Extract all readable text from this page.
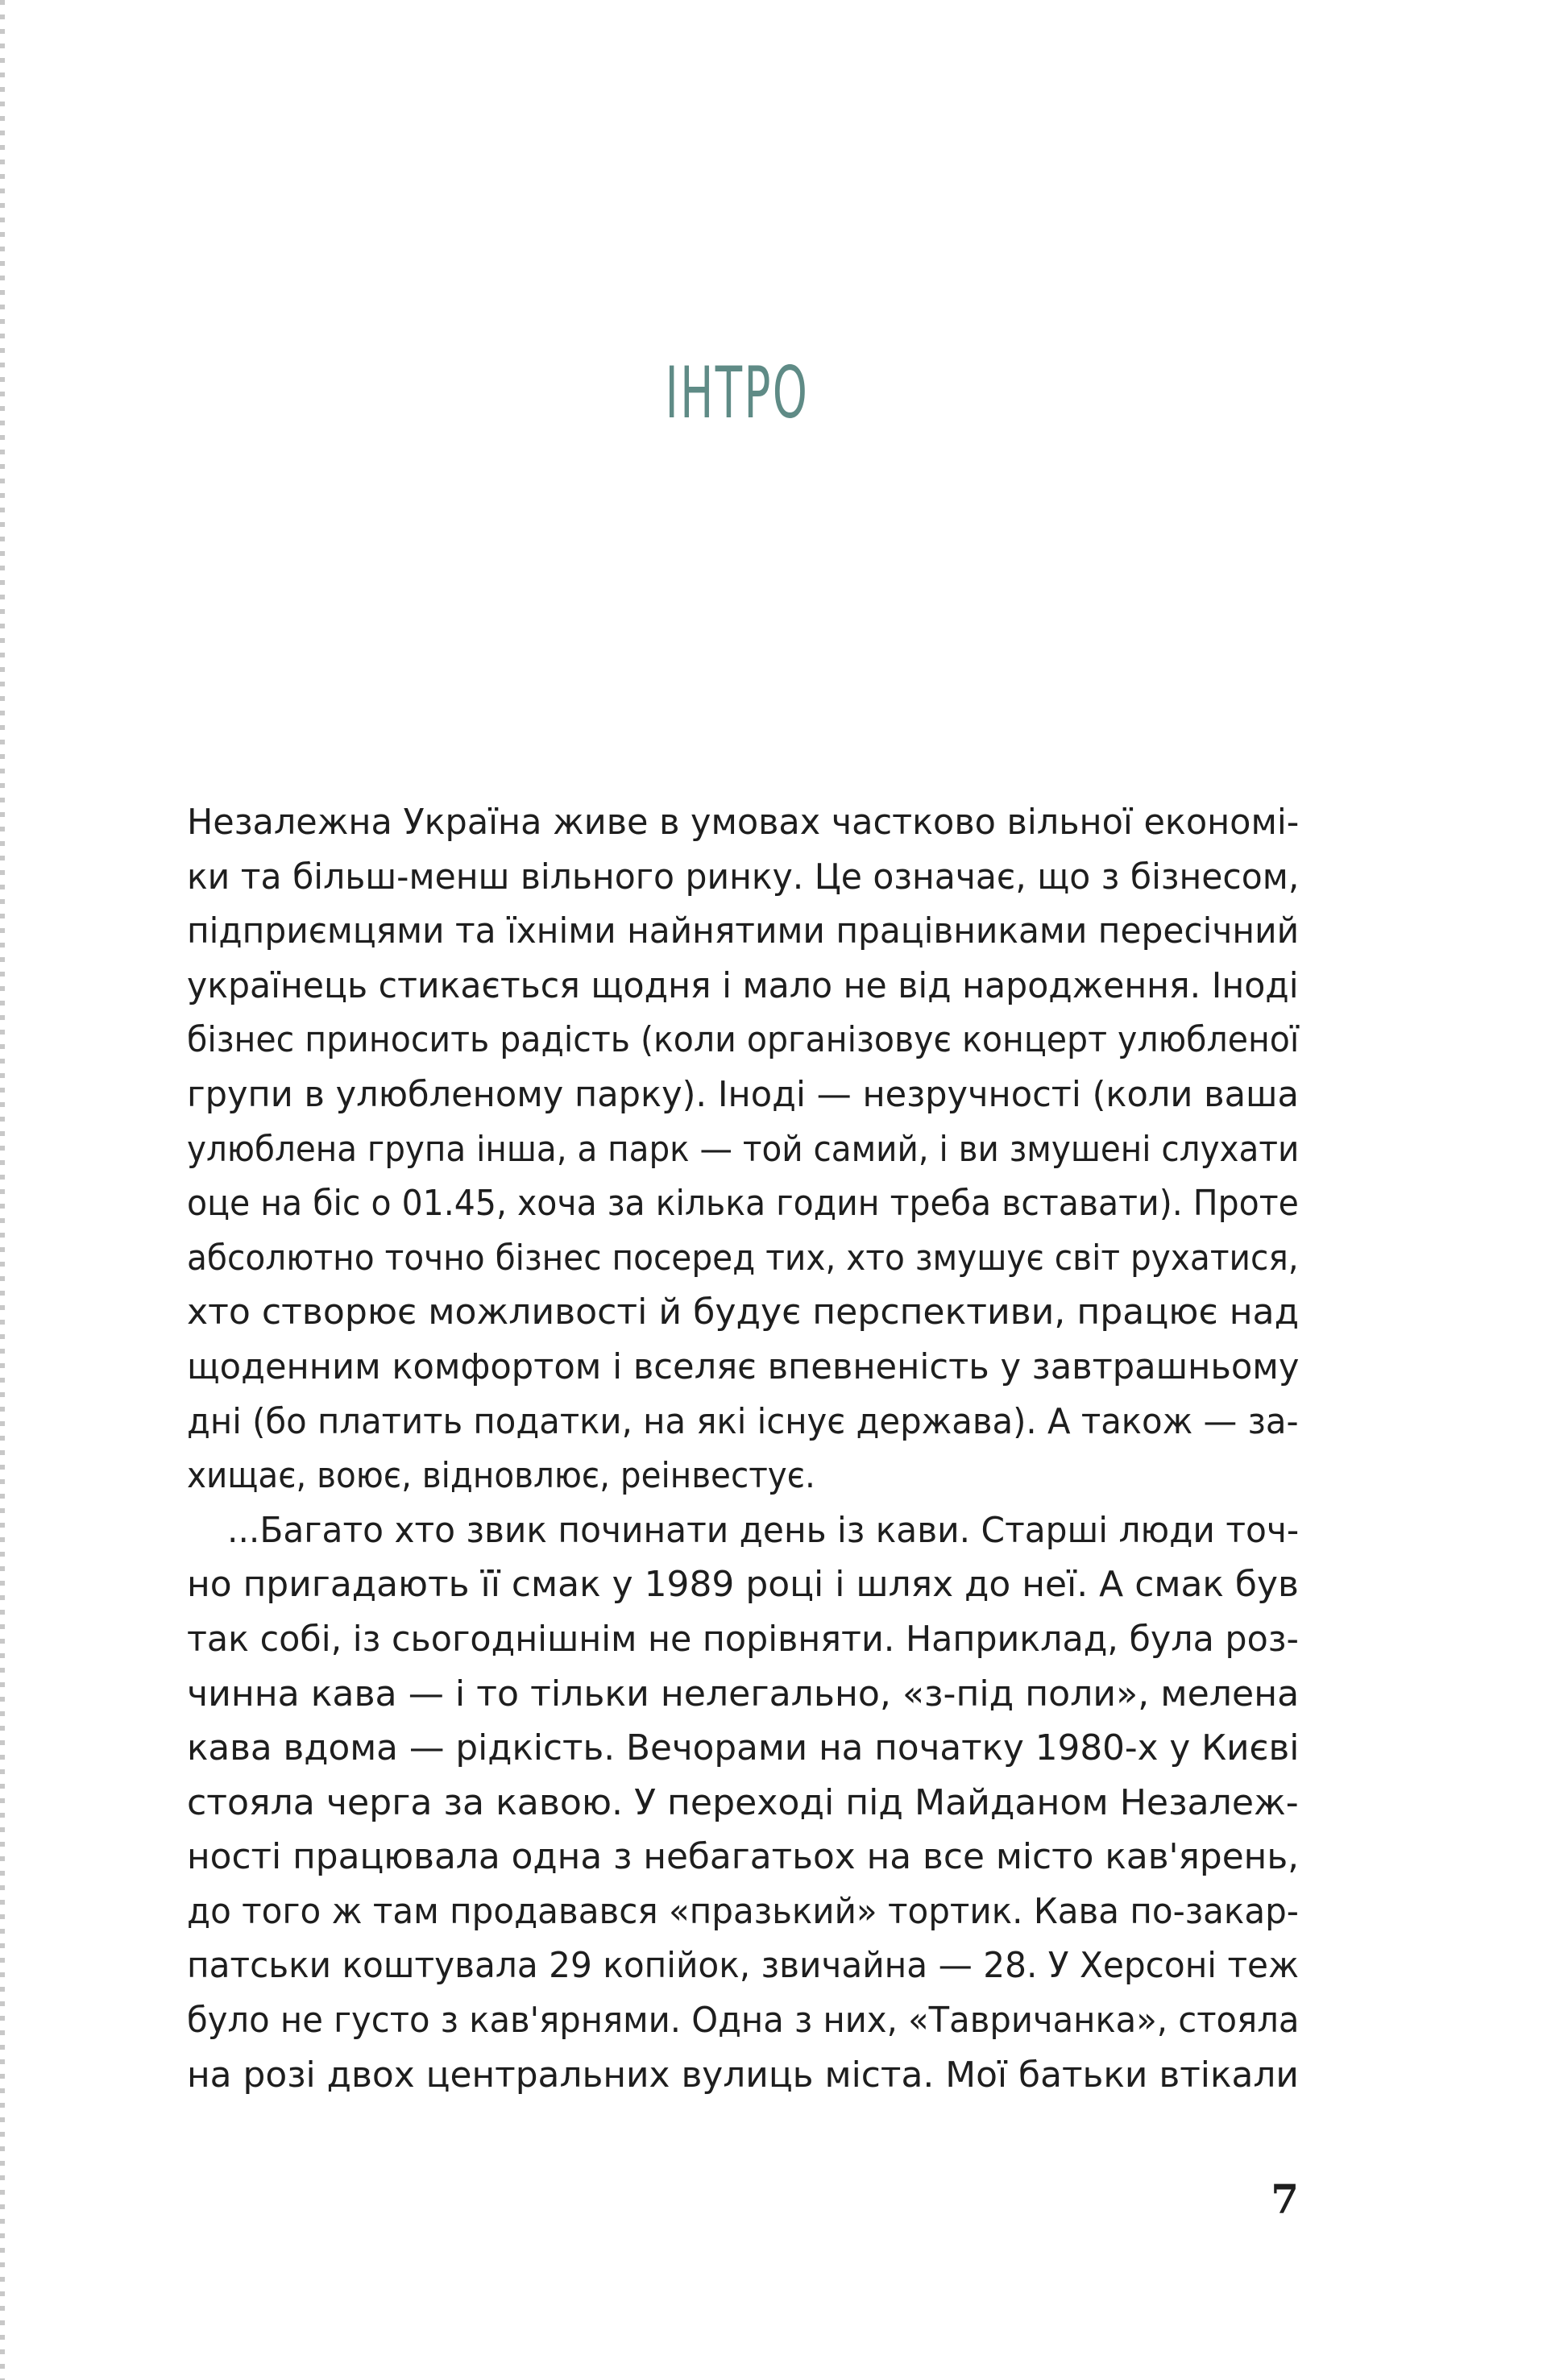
ІНТРО
Незалежна Україна живе в умовах частково вільної економі-
ки та більш-менш вільного ринку. Це означає, що з бізнесом,
підприємцями та їхніми найнятими працівниками пересічний
українець стикається щодня і мало не від народження. Іноді
бізнес приносить радість (коли організовує концерт улюбленої
групи в улюбленому парку). Іноді — незручності (коли ваша
улюблена група інша, а парк — той самий, і ви змушені слухати
оце на біс о 01.45, хоча за кілька годин треба вставати). Проте
абсолютно точно бізнес посеред тих, хто змушує світ рухатися,
хто створює можливості й будує перспективи, працює над
щоденним комфортом і вселяє впевненість у завтрашньому
дні (бо платить податки, на які існує держава). А також — за-
хищає, воює, відновлює, реінвестує.
...Багато хто звик починати день із кави. Старші люди точ-
но пригадають її смак у 1989 році і шлях до неї. А смак був
так собі, із сьогоднішнім не порівняти. Наприклад, була роз-
чинна кава — і то тільки нелегально, «з-під поли», мелена
кава вдома — рідкість. Вечорами на початку 1980-х у Києві
стояла черга за кавою. У переході під Майданом Незалеж-
ності працювала одна з небагатьох на все місто кав'ярень,
до того ж там продавався «празький» тортик. Кава по-закар-
патськи коштувала 29 копійок, звичайна — 28. У Херсоні теж
було не густо з кав'ярнями. Одна з них, «Тавричанка», стояла
на розі двох центральних вулиць міста. Мої батьки втікали
7
